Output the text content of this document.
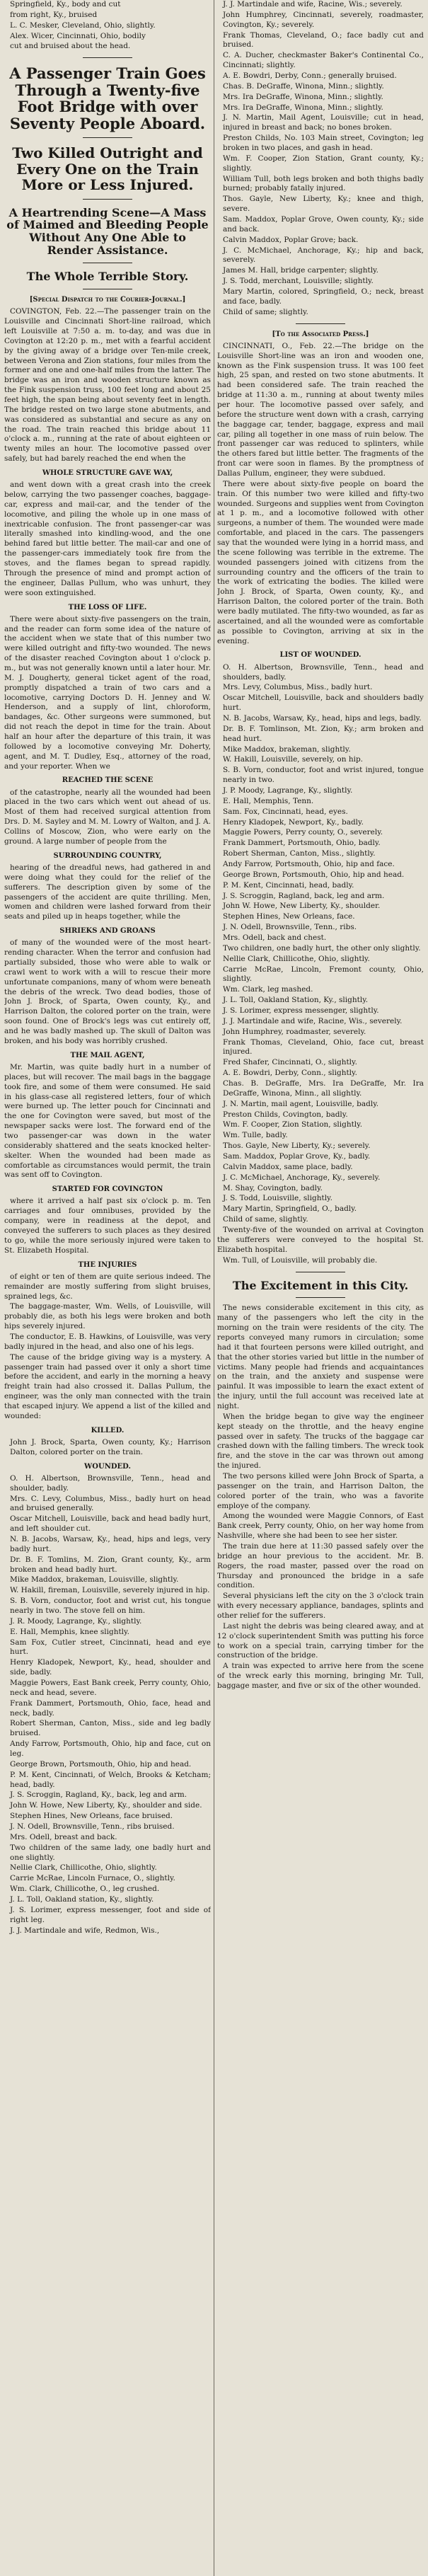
Springfield, Ky., body and cut

from right, Ky., bruised

L. C. Mesker, Cleveland, Ohio, slightly.

Alex. Wicer, Cincinnati, Ohio, bodily

cut and bruised about the head.

A Passenger Train Goes Through a Twenty-five Foot Bridge with over Seventy People Aboard.
Two Killed Outright and Every One on the Train More or Less Injured.
A Heartrending Scene—A Mass of Maimed and Bleeding People Without Any One Able to Render Assistance.
The Whole Terrible Story.

[Special Dispatch to the Courier-Journal.]

COVINGTON, Feb. 22.—The passenger train on the Louisville and Cincinnati Short-line railroad, which left Louisville at 7:50 a. m. to-day, and was due in Covington at 12:20 p. m., met with a fearful accident by the giving away of a bridge over Ten-mile creek, between Verona and Zion stations, four miles from the former and one and one-half miles from the latter. The bridge was an iron and wooden structure known as the Fink suspension truss, 100 feet long and about 25 feet high, the span being about seventy feet in length. The bridge rested on two large stone abutments, and was considered as substantial and secure as any on the road. The train reached this bridge about 11 o'clock a. m., running at the rate of about eighteen or twenty miles an hour. The locomotive passed over safely, but had barely reached the end when the

WHOLE STRUCTURE GAVE WAY,

and went down with a great crash into the creek below, carrying the two passenger coaches, baggage-car, express and mail-car, and the tender of the locomotive, and piling the whole up in one mass of inextricable confusion. The front passenger-car was literally smashed into kindling-wood, and the one behind fared but little better. The mail-car and one of the passenger-cars immediately took fire from the stoves, and the flames began to spread rapidly. Through the presence of mind and prompt action of the engineer, Dallas Pullum, who was unhurt, they were soon extinguished.

THE LOSS OF LIFE.

There were about sixty-five passengers on the train, and the reader can form some idea of the nature of the accident when we state that of this number two were killed outright and fifty-two wounded. The news of the disaster reached Covington about 1 o'clock p. m., but was not generally known until a later hour. Mr. M. J. Dougherty, general ticket agent of the road, promptly dispatched a train of two cars and a locomotive, carrying Doctors D. H. Jenney and W. Henderson, and a supply of lint, chloroform, bandages, &c. Other surgeons were summoned, but did not reach the depot in time for the train. About half an hour after the departure of this train, it was followed by a locomotive conveying Mr. Doherty, agent, and M. T. Dudley, Esq., attorney of the road, and your reporter. When we

REACHED THE SCENE

of the catastrophe, nearly all the wounded had been placed in the two cars which went out ahead of us. Most of them had received surgical attention from Drs. D. M. Sayley and M. M. Lowry of Walton, and J. A. Collins of Moscow, Zion, who were early on the ground. A large number of people from the

SURROUNDING COUNTRY,

hearing of the dreadful news, had gathered in and were doing what they could for the relief of the sufferers. The description given by some of the passengers of the accident are quite thrilling. Men, women and children were lashed forward from their seats and piled up in heaps together, while the

SHRIEKS AND GROANS

of many of the wounded were of the most heart-rending character. When the terror and confusion had partially subsided, those who were able to walk or crawl went to work with a will to rescue their more unfortunate companions, many of whom were beneath the debris of the wreck. Two dead bodies, those of John J. Brock, of Sparta, Owen county, Ky., and Harrison Dalton, the colored porter on the train, were soon found. One of Brock's legs was cut entirely off, and he was badly mashed up. The skull of Dalton was broken, and his body was horribly crushed.

THE MAIL AGENT,

Mr. Martin, was quite badly hurt in a number of places, but will recover. The mail bags in the baggage took fire, and some of them were consumed. He said in his glass-case all registered letters, four of which were burned up. The letter pouch for Cincinnati and the one for Covington were saved, but most of the newspaper sacks were lost. The forward end of the two passenger-car was down in the water considerably shattered and the seats knocked helter-skelter. When the wounded had been made as comfortable as circumstances would permit, the train was sent off to Covington.

STARTED FOR COVINGTON

where it arrived a half past six o'clock p. m. Ten carriages and four omnibuses, provided by the company, were in readiness at the depot, and conveyed the sufferers to such places as they desired to go, while the more seriously injured were taken to St. Elizabeth Hospital.

THE INJURIES

of eight or ten of them are quite serious indeed. The remainder are mostly suffering from slight bruises, sprained legs, &c.

The baggage-master, Wm. Wells, of Louisville, will probably die, as both his legs were broken and both hips severely injured.

The conductor, E. B. Hawkins, of Louisville, was very badly injured in the head, and also one of his legs.

The cause of the bridge giving way is a mystery. A passenger train had passed over it only a short time before the accident, and early in the morning a heavy freight train had also crossed it. Dallas Pullum, the engineer, was the only man connected with the train that escaped injury. We append a list of the killed and wounded:

KILLED.

John J. Brock, Sparta, Owen county, Ky.; Harrison Dalton, colored porter on the train.

WOUNDED.

O. H. Albertson, Brownsville, Tenn., head and shoulder, badly.

Mrs. C. Levy, Columbus, Miss., badly hurt on head and bruised generally.

Oscar Mitchell, Louisville, back and head badly hurt, and left shoulder cut.

N. B. Jacobs, Warsaw, Ky., head, hips and legs, very badly hurt.

Dr. B. F. Tomlins, M. Zion, Grant county, Ky., arm broken and head badly hurt.

Mike Maddox, brakeman, Louisville, slightly.

W. Hakill, fireman, Louisville, severely injured in hip.

S. B. Vorn, conductor, foot and wrist cut, his tongue nearly in two. The stove fell on him.

J. R. Moody, Lagrange, Ky., slightly.

E. Hall, Memphis, knee slightly.

Sam Fox, Cutler street, Cincinnati, head and eye hurt.

Henry Kladopek, Newport, Ky., head, shoulder and side, badly.

Maggie Powers, East Bank creek, Perry county, Ohio, neck and head, severe.

Frank Dammert, Portsmouth, Ohio, face, head and neck, badly.

Robert Sherman, Canton, Miss., side and leg badly bruised.

Andy Farrow, Portsmouth, Ohio, hip and face, cut on leg.

George Brown, Portsmouth, Ohio, hip and head.

P. M. Kent, Cincinnati, of Welch, Brooks & Ketcham; head, badly.

J. S. Scroggin, Ragland, Ky., back, leg and arm.

John W. Howe, New Liberty, Ky., shoulder and side.

Stephen Hines, New Orleans, face bruised.

J. N. Odell, Brownsville, Tenn., ribs bruised.

Mrs. Odell, breast and back.

Two children of the same lady, one badly hurt and one slightly.

Nellie Clark, Chillicothe, Ohio, slightly.

Carrie McRae, Lincoln Furnace, O., slightly.

Wm. Clark, Chillicothe, O., leg crushed.

J. L. Toll, Oakland station, Ky., slightly.

J. S. Lorimer, express messenger, foot and side of right leg.

J. J. Martindale and wife, Redmon, Wis.,

J. J. Martindale and wife, Racine, Wis.; severely.

John Humphrey, Cincinnati, severely, roadmaster, Covington, Ky.; severely.

Frank Thomas, Cleveland, O.; face badly cut and bruised.

C. A. Ducher, checkmaster Baker's Continental Co., Cincinnati; slightly.

A. E. Bowdri, Derby, Conn.; generally bruised.

Chas. B. DeGraffe, Winona, Minn.; slightly.

Mrs. Ira DeGraffe, Winona, Minn.; slightly.

Mrs. Ira DeGraffe, Winona, Minn.; slightly.

J. N. Martin, Mail Agent, Louisville; cut in head, injured in breast and back; no bones broken.

Preston Childs, No. 103 Main street, Covington; leg broken in two places, and gash in head.

Wm. F. Cooper, Zion Station, Grant county, Ky.; slightly.

William Tull, both legs broken and both thighs badly burned; probably fatally injured.

Thos. Gayle, New Liberty, Ky.; knee and thigh, severe.

Sam. Maddox, Poplar Grove, Owen county, Ky.; side and back.

Calvin Maddox, Poplar Grove; back.

J. C. McMichael, Anchorage, Ky.; hip and back, severely.

James M. Hall, bridge carpenter; slightly.

J. S. Todd, merchant, Louisville; slightly.

Mary Martin, colored, Springfield, O.; neck, breast and face, badly.

Child of same; slightly.

[To the Associated Press.]

CINCINNATI, O., Feb. 22.—The bridge on the Louisville Short-line was an iron and wooden one, known as the Fink suspension truss. It was 100 feet high, 25 span, and rested on two stone abutments. It had been considered safe. The train reached the bridge at 11:30 a. m., running at about twenty miles per hour. The locomotive passed over safely, and before the structure went down with a crash, carrying the baggage car, tender, baggage, express and mail car, piling all together in one mass of ruin below. The front passenger car was reduced to splinters, while the others fared but little better. The fragments of the front car were soon in flames. By the promptness of Dallas Pullum, engineer, they were subdued.

There were about sixty-five people on board the train. Of this number two were killed and fifty-two wounded. Surgeons and supplies went from Covington at 1 p. m., and a locomotive followed with other surgeons, a number of them. The wounded were made comfortable, and placed in the cars. The passengers say that the wounded were lying in a horrid mass, and the scene following was terrible in the extreme. The wounded passengers joined with citizens from the surrounding country and the officers of the train to the work of extricating the bodies. The killed were John J. Brock, of Sparta, Owen county, Ky., and Harrison Dalton, the colored porter of the train. Both were badly mutilated. The fifty-two wounded, as far as ascertained, and all the wounded were as comfortable as possible to Covington, arriving at six in the evening.

LIST OF WOUNDED.

O. H. Albertson, Brownsville, Tenn., head and shoulders, badly.

Mrs. Levy, Columbus, Miss., badly hurt.

Oscar Mitchell, Louisville, back and shoulders badly hurt.

N. B. Jacobs, Warsaw, Ky., head, hips and legs, badly.

Dr. B. F. Tomlinson, Mt. Zion, Ky.; arm broken and head hurt.

Mike Maddox, brakeman, slightly.

W. Hakill, Louisville, severely, on hip.

S. B. Vorn, conductor, foot and wrist injured, tongue nearly in two.

J. P. Moody, Lagrange, Ky., slightly.

E. Hall, Memphis, Tenn.

Sam. Fox, Cincinnati, head, eyes.

Henry Kladopek, Newport, Ky., badly.

Maggie Powers, Perry county, O., severely.

Frank Dammert, Portsmouth, Ohio, badly.

Robert Sherman, Canton, Miss., slightly.

Andy Farrow, Portsmouth, Ohio, hip and face.

George Brown, Portsmouth, Ohio, hip and head.

P. M. Kent, Cincinnati, head, badly.

J. S. Scroggin, Ragland, back, leg and arm.

John W. Howe, New Liberty, Ky., shoulder.

Stephen Hines, New Orleans, face.

J. N. Odell, Brownsville, Tenn., ribs.

Mrs. Odell, back and chest.

Two children, one badly hurt, the other only slightly.

Nellie Clark, Chillicothe, Ohio, slightly.

Carrie McRae, Lincoln, Fremont county, Ohio, slightly.

Wm. Clark, leg mashed.

J. L. Toll, Oakland Station, Ky., slightly.

J. S. Lorimer, express messenger, slightly.

J. J. Martindale and wife, Racine, Wis., severely.

John Humphrey, roadmaster, severely.

Frank Thomas, Cleveland, Ohio, face cut, breast injured.

Fred Shafer, Cincinnati, O., slightly.

A. E. Bowdri, Derby, Conn., slightly.

Chas. B. DeGraffe, Mrs. Ira DeGraffe, Mr. Ira DeGraffe, Winona, Minn., all slightly.

J. N. Martin, mail agent, Louisville, badly.

Preston Childs, Covington, badly.

Wm. F. Cooper, Zion Station, slightly.

Wm. Tulle, badly.

Thos. Gayle, New Liberty, Ky.; severely.

Sam. Maddox, Poplar Grove, Ky., badly.

Calvin Maddox, same place, badly.

J. C. McMichael, Anchorage, Ky., severely.

M. Shay, Covington, badly.

J. S. Todd, Louisville, slightly.

Mary Martin, Springfield, O., badly.

Child of same, slightly.

Twenty-five of the wounded on arrival at Covington the sufferers were conveyed to the hospital St. Elizabeth hospital.

Wm. Tull, of Louisville, will probably die.

The Excitement in this City.

The news considerable excitement in this city, as many of the passengers who left the city in the morning on the train were residents of the city. The reports conveyed many rumors in circulation; some had it that fourteen persons were killed outright, and that the other stories varied but little in the number of victims. Many people had friends and acquaintances on the train, and the anxiety and suspense were painful. It was impossible to learn the exact extent of the injury, until the full account was received late at night.

When the bridge began to give way the engineer kept steady on the throttle, and the heavy engine passed over in safety. The trucks of the baggage car crashed down with the falling timbers. The wreck took fire, and the stove in the car was thrown out among the injured.

The two persons killed were John Brock of Sparta, a passenger on the train, and Harrison Dalton, the colored porter of the train, who was a favorite employe of the company.

Among the wounded were Maggie Connors, of East Bank creek, Perry county, Ohio, on her way home from Nashville, where she had been to see her sister.

The train due here at 11:30 passed safely over the bridge an hour previous to the accident. Mr. B. Rogers, the road master, passed over the road on Thursday and pronounced the bridge in a safe condition.

Several physicians left the city on the 3 o'clock train with every necessary appliance, bandages, splints and other relief for the sufferers.

Last night the debris was being cleared away, and at 12 o'clock superintendent Smith was putting his force to work on a special train, carrying timber for the construction of the bridge.

A train was expected to arrive here from the scene of the wreck early this morning, bringing Mr. Tull, baggage master, and five or six of the other wounded.
